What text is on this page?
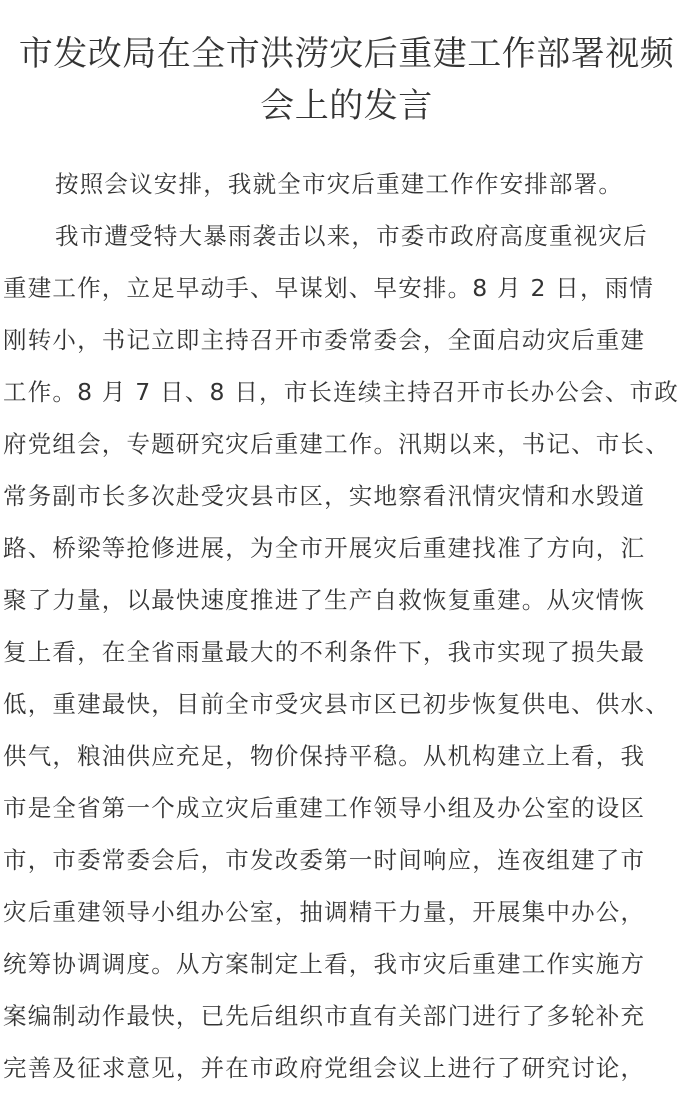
市发改局在全市洪涝灾后重建工作部署视频
会上的发言
按照会议安排，我就全市灾后重建工作作安排部署。
我市遭受特大暴雨袭击以来，市委市政府高度重视灾后
重建工作，立足早动手、早谋划、早安排。8 月 2 日，雨情
刚转小，书记立即主持召开市委常委会，全面启动灾后重建
工作。8 月 7 日、8 日，市长连续主持召开市长办公会、市政
府党组会，专题研究灾后重建工作。汛期以来，书记、市长、
常务副市长多次赴受灾县市区，实地察看汛情灾情和水毁道
路、桥梁等抢修进展，为全市开展灾后重建找准了方向，汇
聚了力量，以最快速度推进了生产自救恢复重建。从灾情恢
复上看，在全省雨量最大的不利条件下，我市实现了损失最
低，重建最快，目前全市受灾县市区已初步恢复供电、供水、
供气，粮油供应充足，物价保持平稳。从机构建立上看，我
市是全省第一个成立灾后重建工作领导小组及办公室的设区
市，市委常委会后，市发改委第一时间响应，连夜组建了市
灾后重建领导小组办公室，抽调精干力量，开展集中办公，
统筹协调调度。从方案制定上看，我市灾后重建工作实施方
案编制动作最快，已先后组织市直有关部门进行了多轮补充
完善及征求意见，并在市政府党组会议上进行了研究讨论，
